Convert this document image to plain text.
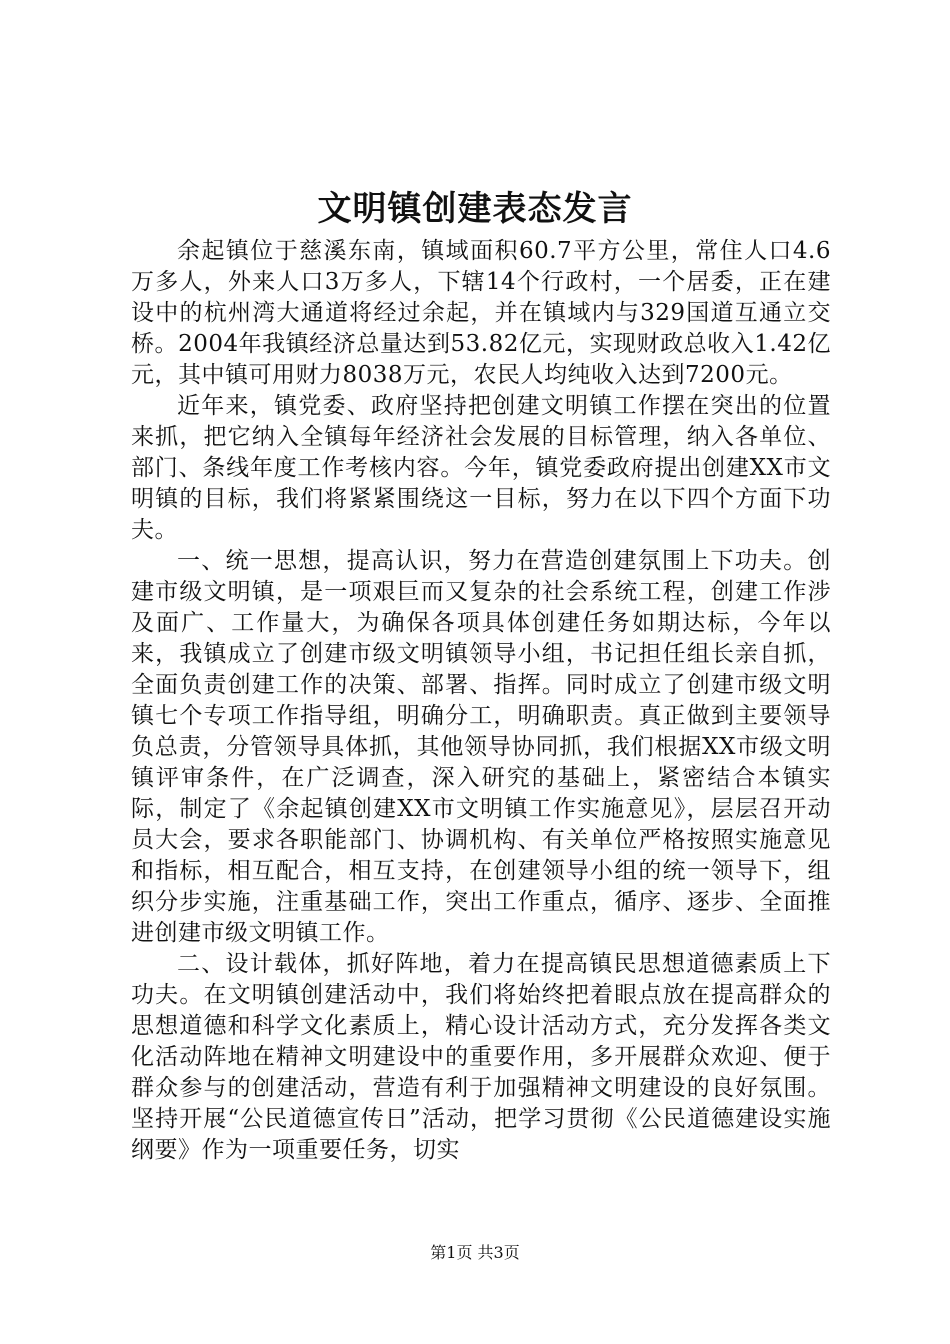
文明镇创建表态发言

余起镇位于慈溪东南，镇域面积60.7平方公里，常住人口4.6万多人，外来人口3万多人，下辖14个行政村，一个居委，正在建设中的杭州湾大通道将经过余起，并在镇域内与329国道互通立交桥。2004年我镇经济总量达到53.82亿元，实现财政总收入1.42亿元，其中镇可用财力8038万元，农民人均纯收入达到7200元。

近年来，镇党委、政府坚持把创建文明镇工作摆在突出的位置来抓，把它纳入全镇每年经济社会发展的目标管理，纳入各单位、部门、条线年度工作考核内容。今年，镇党委政府提出创建XX市文明镇的目标，我们将紧紧围绕这一目标，努力在以下四个方面下功夫。

一、统一思想，提高认识，努力在营造创建氛围上下功夫。创建市级文明镇，是一项艰巨而又复杂的社会系统工程，创建工作涉及面广、工作量大，为确保各项具体创建任务如期达标，今年以来，我镇成立了创建市级文明镇领导小组，书记担任组长亲自抓，全面负责创建工作的决策、部署、指挥。同时成立了创建市级文明镇七个专项工作指导组，明确分工，明确职责。真正做到主要领导负总责，分管领导具体抓，其他领导协同抓，我们根据XX市级文明镇评审条件，在广泛调查，深入研究的基础上，紧密结合本镇实际，制定了《余起镇创建XX市文明镇工作实施意见》，层层召开动员大会，要求各职能部门、协调机构、有关单位严格按照实施意见和指标，相互配合，相互支持，在创建领导小组的统一领导下，组织分步实施，注重基础工作，突出工作重点，循序、逐步、全面推进创建市级文明镇工作。

二、设计载体，抓好阵地，着力在提高镇民思想道德素质上下功夫。在文明镇创建活动中，我们将始终把着眼点放在提高群众的思想道德和科学文化素质上，精心设计活动方式，充分发挥各类文化活动阵地在精神文明建设中的重要作用，多开展群众欢迎、便于群众参与的创建活动，营造有利于加强精神文明建设的良好氛围。坚持开展“公民道德宣传日”活动，把学习贯彻《公民道德建设实施纲要》作为一项重要任务，切实

第1页 共3页
